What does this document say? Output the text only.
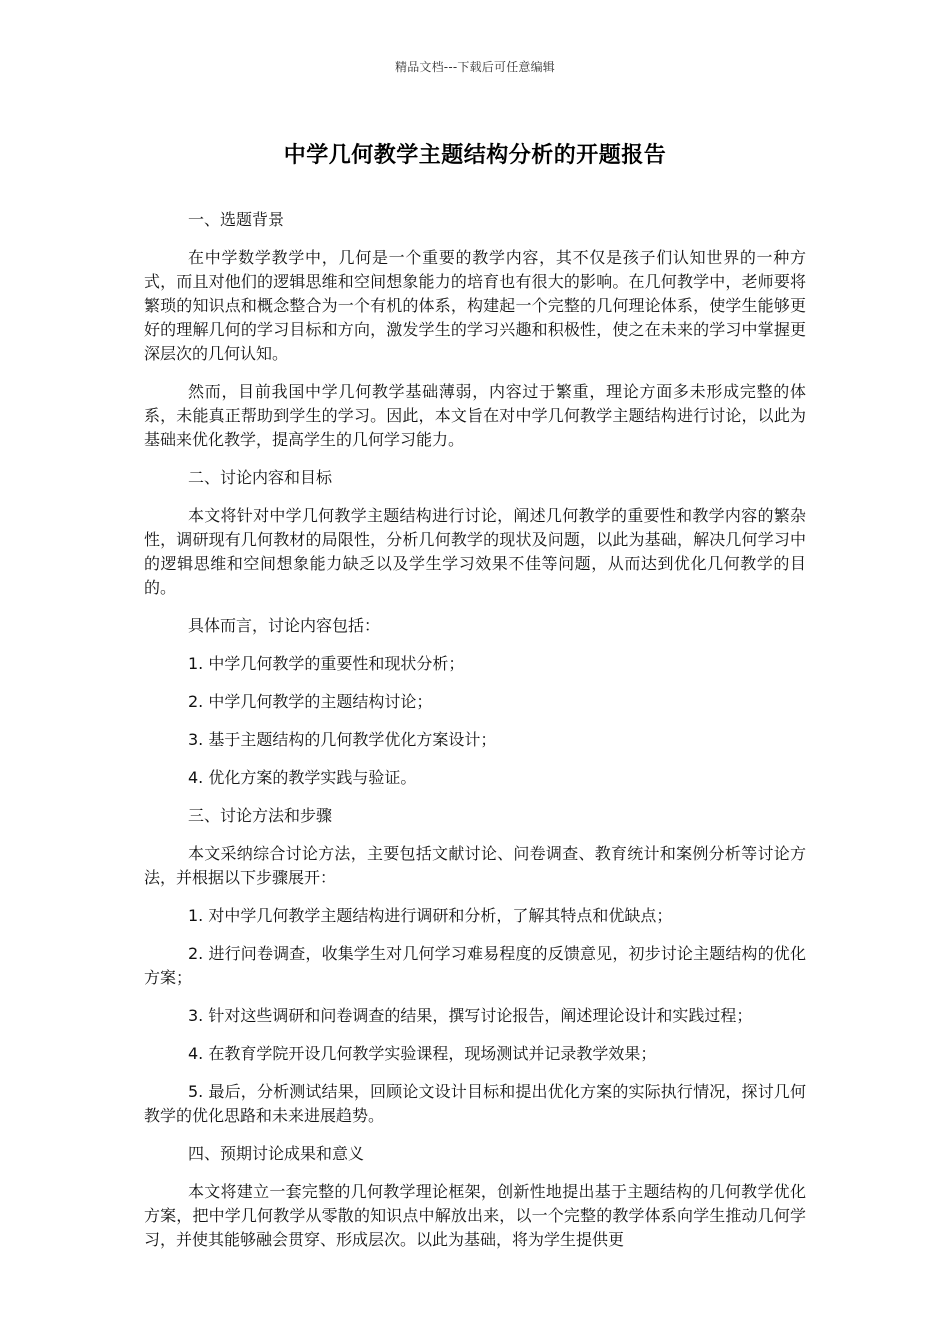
精品文档---下载后可任意编辑
中学几何教学主题结构分析的开题报告

一、选题背景

在中学数学教学中，几何是一个重要的教学内容，其不仅是孩子们认知世界的一种方式，而且对他们的逻辑思维和空间想象能力的培育也有很大的影响。在几何教学中，老师要将繁琐的知识点和概念整合为一个有机的体系，构建起一个完整的几何理论体系，使学生能够更好的理解几何的学习目标和方向，激发学生的学习兴趣和积极性，使之在未来的学习中掌握更深层次的几何认知。

然而，目前我国中学几何教学基础薄弱，内容过于繁重，理论方面多未形成完整的体系，未能真正帮助到学生的学习。因此，本文旨在对中学几何教学主题结构进行讨论，以此为基础来优化教学，提高学生的几何学习能力。

二、讨论内容和目标

本文将针对中学几何教学主题结构进行讨论，阐述几何教学的重要性和教学内容的繁杂性，调研现有几何教材的局限性，分析几何教学的现状及问题，以此为基础，解决几何学习中的逻辑思维和空间想象能力缺乏以及学生学习效果不佳等问题，从而达到优化几何教学的目的。

具体而言，讨论内容包括：

1. 中学几何教学的重要性和现状分析；

2. 中学几何教学的主题结构讨论；

3. 基于主题结构的几何教学优化方案设计；

4. 优化方案的教学实践与验证。

三、讨论方法和步骤

本文采纳综合讨论方法，主要包括文献讨论、问卷调查、教育统计和案例分析等讨论方法，并根据以下步骤展开：

1. 对中学几何教学主题结构进行调研和分析，了解其特点和优缺点；

2. 进行问卷调查，收集学生对几何学习难易程度的反馈意见，初步讨论主题结构的优化方案；

3. 针对这些调研和问卷调查的结果，撰写讨论报告，阐述理论设计和实践过程；

4. 在教育学院开设几何教学实验课程，现场测试并记录教学效果；

5. 最后，分析测试结果，回顾论文设计目标和提出优化方案的实际执行情况，探讨几何教学的优化思路和未来进展趋势。

四、预期讨论成果和意义

本文将建立一套完整的几何教学理论框架，创新性地提出基于主题结构的几何教学优化方案，把中学几何教学从零散的知识点中解放出来，以一个完整的教学体系向学生推动几何学习，并使其能够融会贯穿、形成层次。以此为基础，将为学生提供更
